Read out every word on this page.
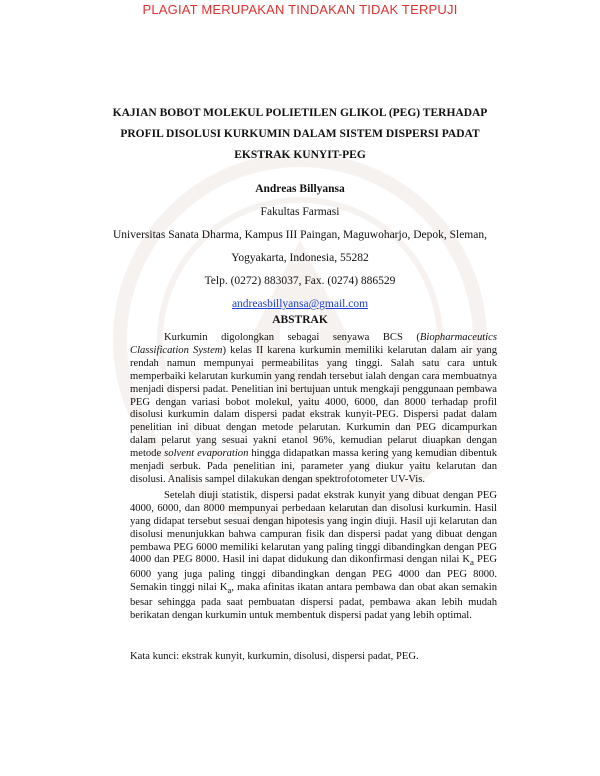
PLAGIAT MERUPAKAN TINDAKAN TIDAK TERPUJI
KAJIAN BOBOT MOLEKUL POLIETILEN GLIKOL (PEG) TERHADAP
PROFIL DISOLUSI KURKUMIN DALAM SISTEM DISPERSI PADAT
EKSTRAK KUNYIT-PEG
Andreas Billyansa
Fakultas Farmasi
Universitas Sanata Dharma, Kampus III Paingan, Maguwoharjo, Depok, Sleman,
Yogyakarta, Indonesia, 55282
Telp. (0272) 883037, Fax. (0274) 886529
andreasbillyansa@gmail.com
ABSTRAK

Kurkumin digolongkan sebagai senyawa BCS (Biopharmaceutics Classification System) kelas II karena kurkumin memiliki kelarutan dalam air yang rendah namun mempunyai permeabilitas yang tinggi. Salah satu cara untuk memperbaiki kelarutan kurkumin yang rendah tersebut ialah dengan cara membuatnya menjadi dispersi padat. Penelitian ini bertujuan untuk mengkaji penggunaan pembawa PEG dengan variasi bobot molekul, yaitu 4000, 6000, dan 8000 terhadap profil disolusi kurkumin dalam dispersi padat ekstrak kunyit-PEG. Dispersi padat dalam penelitian ini dibuat dengan metode pelarutan. Kurkumin dan PEG dicampurkan dalam pelarut yang sesuai yakni etanol 96%, kemudian pelarut diuapkan dengan metode solvent evaporation hingga didapatkan massa kering yang kemudian dibentuk menjadi serbuk. Pada penelitian ini, parameter yang diukur yaitu kelarutan dan disolusi. Analisis sampel dilakukan dengan spektrofotometer UV-Vis.

Setelah diuji statistik, dispersi padat ekstrak kunyit yang dibuat dengan PEG 4000, 6000, dan 8000 mempunyai perbedaan kelarutan dan disolusi kurkumin. Hasil yang didapat tersebut sesuai dengan hipotesis yang ingin diuji. Hasil uji kelarutan dan disolusi menunjukkan bahwa campuran fisik dan dispersi padat yang dibuat dengan pembawa PEG 6000 memiliki kelarutan yang paling tinggi dibandingkan dengan PEG 4000 dan PEG 8000. Hasil ini dapat didukung dan dikonfirmasi dengan nilai $K_a$ PEG 6000 yang juga paling tinggi dibandingkan dengan PEG 4000 dan PEG 8000. Semakin tinggi nilai $K_a$, maka afinitas ikatan antara pembawa dan obat akan semakin besar sehingga pada saat pembuatan dispersi padat, pembawa akan lebih mudah berikatan dengan kurkumin untuk membentuk dispersi padat yang lebih optimal.

Kata kunci: ekstrak kunyit, kurkumin, disolusi, dispersi padat, PEG.
